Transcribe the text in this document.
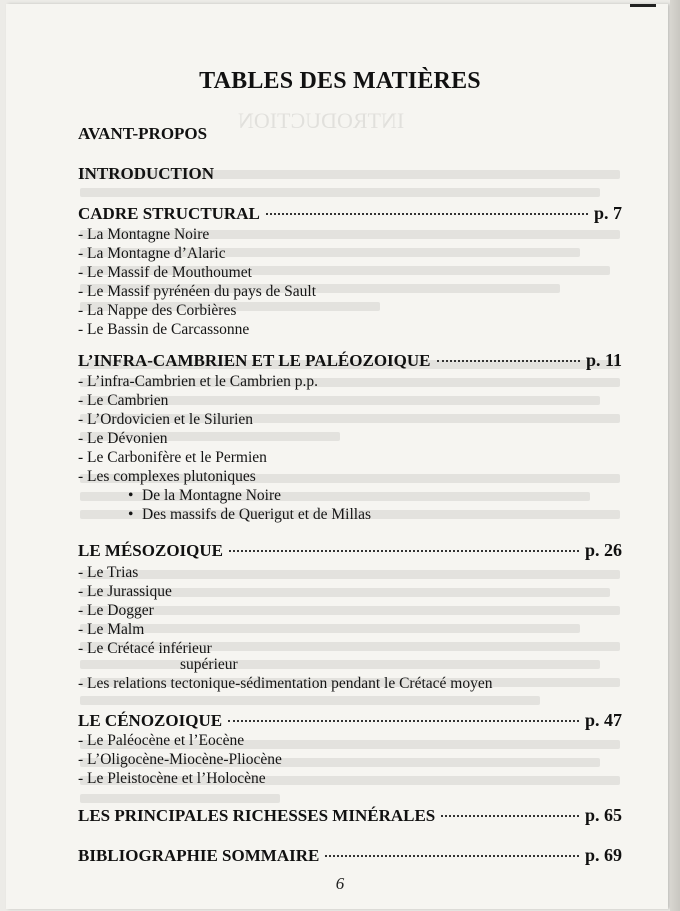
TABLES DES MATIÈRES
AVANT-PROPOS
INTRODUCTION
CADRE STRUCTURAL	p. 7
- La Montagne Noire
- La Montagne d’Alaric
- Le Massif de Mouthoumet
- Le Massif pyrénéen du pays de Sault
- La Nappe des Corbières
- Le Bassin de Carcassonne
L’INFRA-CAMBRIEN ET LE PALÉOZOIQUE	p. 11
- L’infra-Cambrien et le Cambrien p.p.
- Le Cambrien
- L’Ordovicien et le Silurien
- Le Dévonien
- Le Carbonifère et le Permien
- Les complexes plutoniques
• De la Montagne Noire
• Des massifs de Querigut et de Millas
LE MÉSOZOIQUE	p. 26
- Le Trias
- Le Jurassique
- Le Dogger
- Le Malm
- Le Crétacé inférieur
supérieur
- Les relations tectonique-sédimentation pendant le Crétacé moyen
LE CÉNOZOIQUE	p. 47
- Le Paléocène et l’Eocène
- L’Oligocène-Miocène-Pliocène
- Le Pleistocène et l’Holocène
LES PRINCIPALES RICHESSES MINÉRALES	p. 65
BIBLIOGRAPHIE SOMMAIRE	p. 69
6
